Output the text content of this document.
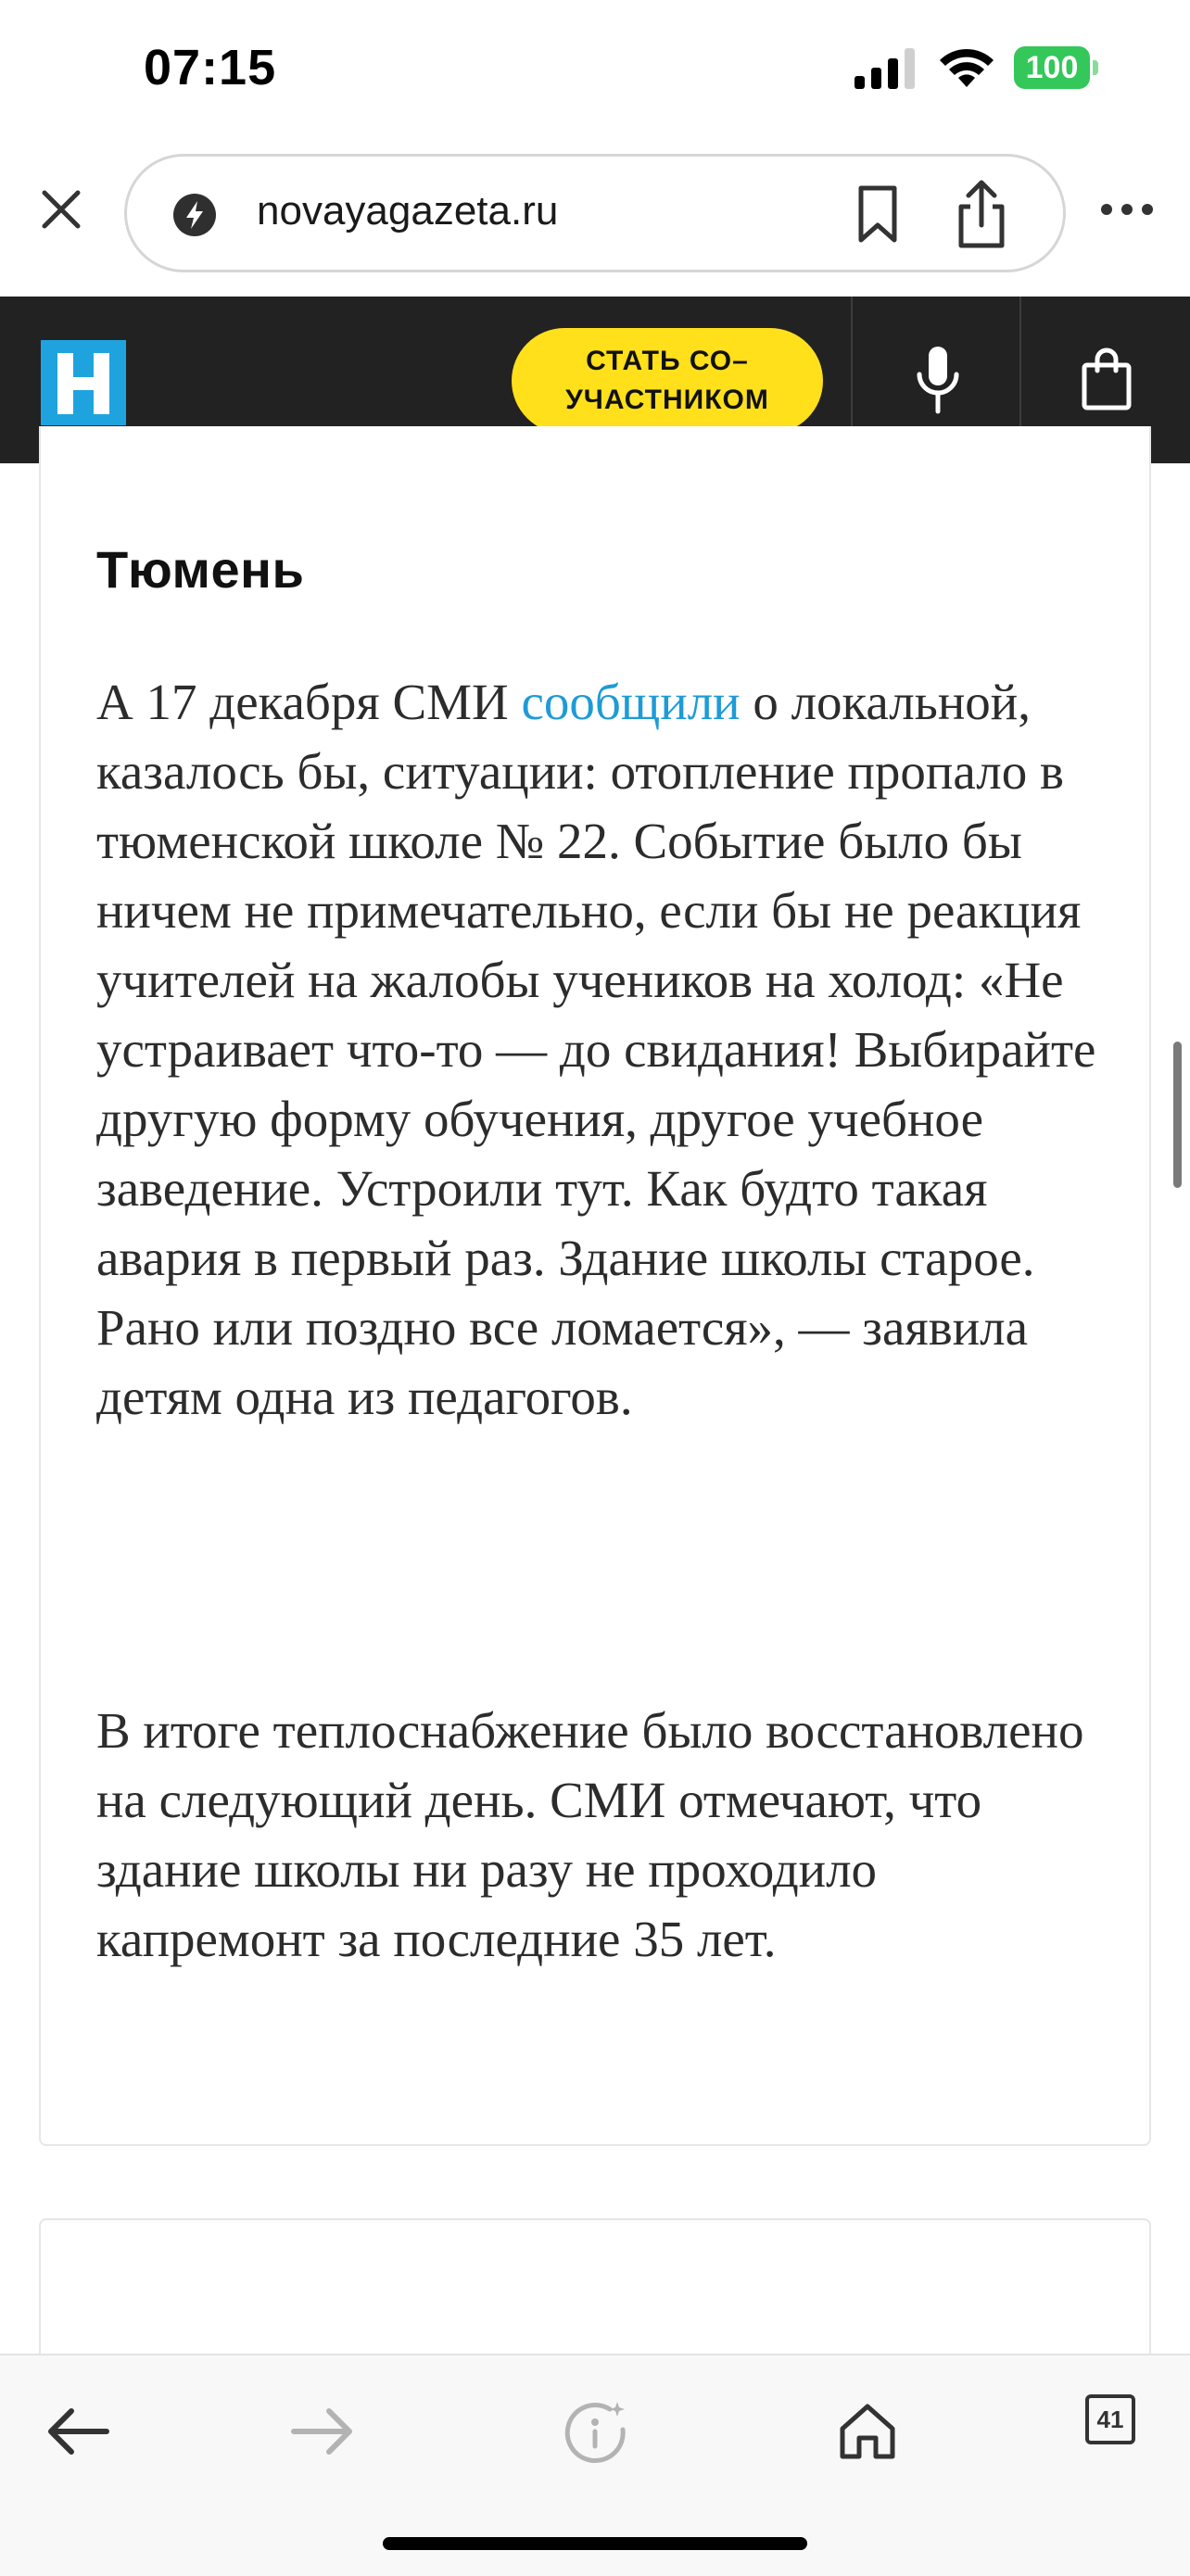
07:15	100
novayagazeta.ru
СТАТЬ СО–
УЧАСТНИКОМ
Тюмень

А 17 декабря СМИ сообщили о локальной, казалось бы, ситуации: отопление пропало в тюменской школе № 22. Событие было бы ничем не примечательно, если бы не реакция учителей на жалобы учеников на холод: «Не устраивает что-то — до свидания! Выбирайте другую форму обучения, другое учебное заведение. Устроили тут. Как будто такая авария в первый раз. Здание школы старое. Рано или поздно все ломается», — заявила детям одна из педагогов.

В итоге теплоснабжение было восстановлено на следующий день. СМИ отмечают, что здание школы ни разу не проходило капремонт за последние 35 лет.

41
